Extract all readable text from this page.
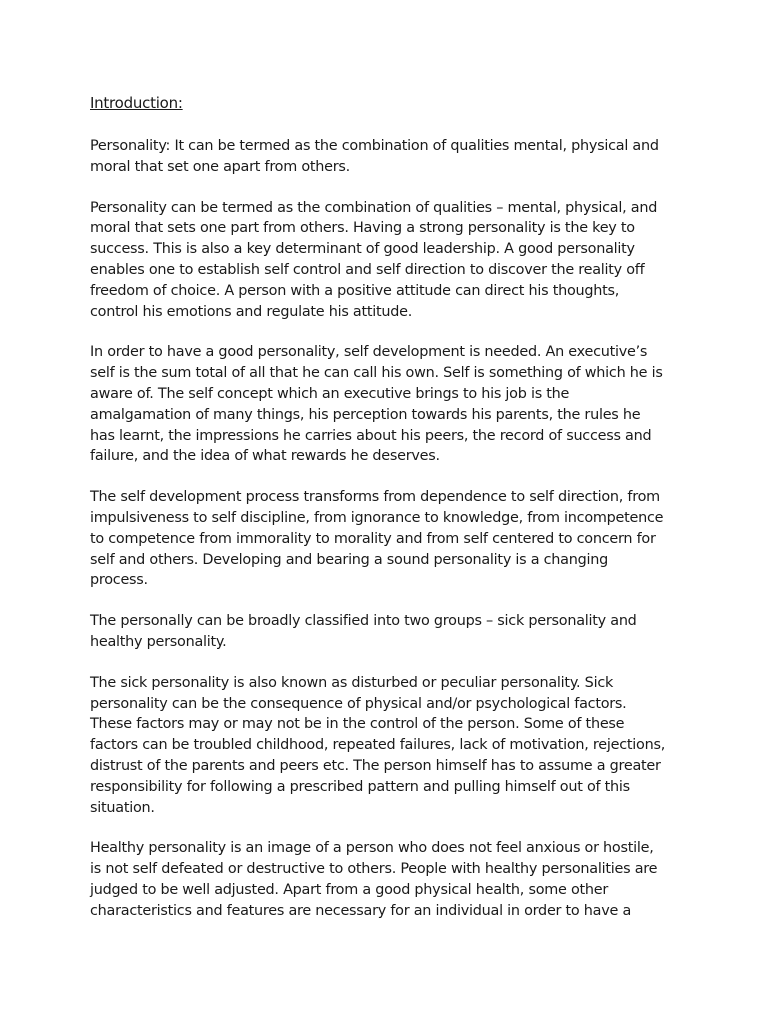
Introduction:

Personality: It can be termed as the combination of qualities mental, physical and moral that set one apart from others.

Personality can be termed as the combination of qualities – mental, physical, and moral that sets one part from others. Having a strong personality is the key to success. This is also a key determinant of good leadership. A good personality enables one to establish self control and self direction to discover the reality off freedom of choice. A person with a positive attitude can direct his thoughts, control his emotions and regulate his attitude.

In order to have a good personality, self development is needed. An executive’s self is the sum total of all that he can call his own. Self is something of which he is aware of. The self concept which an executive brings to his job is the amalgamation of many things, his perception towards his parents, the rules he has learnt, the impressions he carries about his peers, the record of success and failure, and the idea of what rewards he deserves.

The self development process transforms from dependence to self direction, from impulsiveness to self discipline, from ignorance to knowledge, from incompetence to competence from immorality to morality and from self centered to concern for self and others. Developing and bearing a sound personality is a changing process.

The personally can be broadly classified into two groups – sick personality and healthy personality.

The sick personality is also known as disturbed or peculiar personality. Sick personality can be the consequence of physical and/or psychological factors. These factors may or may not be in the control of the person. Some of these factors can be troubled childhood, repeated failures, lack of motivation, rejections, distrust of the parents and peers etc. The person himself has to assume a greater responsibility for following a prescribed pattern and pulling himself out of this situation.

Healthy personality is an image of a person who does not feel anxious or hostile, is not self defeated or destructive to others. People with healthy personalities are judged to be well adjusted. Apart from a good physical health, some other characteristics and features are necessary for an individual in order to have a
